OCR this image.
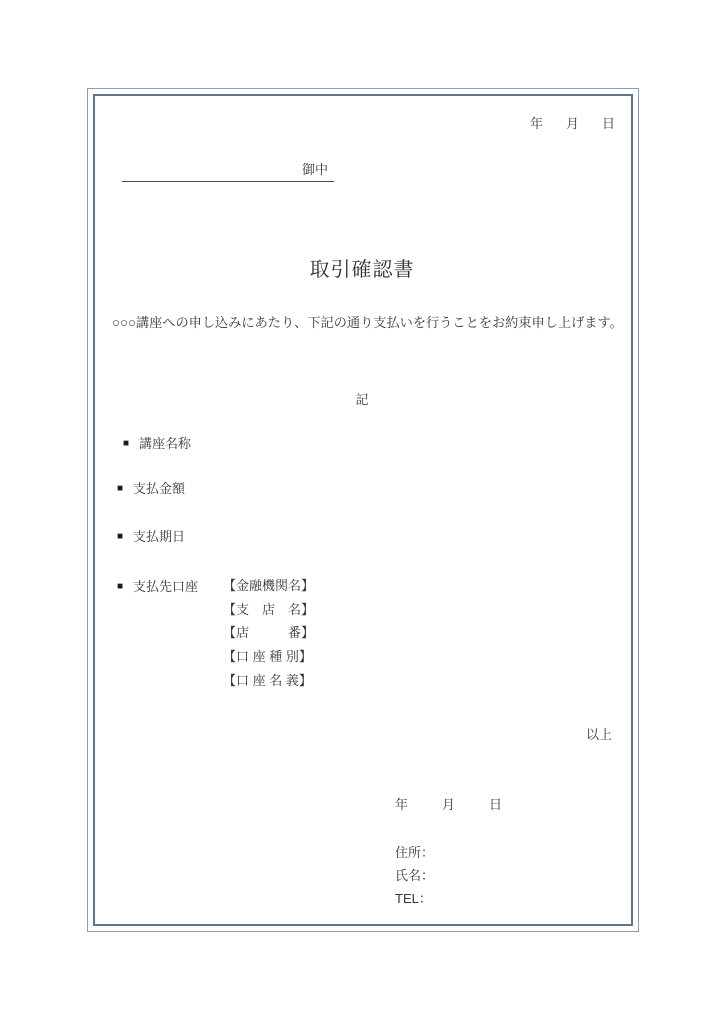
年 月 日
御中
取引確認書
○○○講座への申し込みにあたり、下記の通り支払いを行うことをお約束申し上げます。
記
■ 講座名称
■ 支払金額
■ 支払期日
■ 支払先口座 【金融機関名】
【支　店　名】
【店　　　番】
【口 座 種 別】
【口 座 名 義】
以上
年	月	日
住所：
氏名：
TEL：
